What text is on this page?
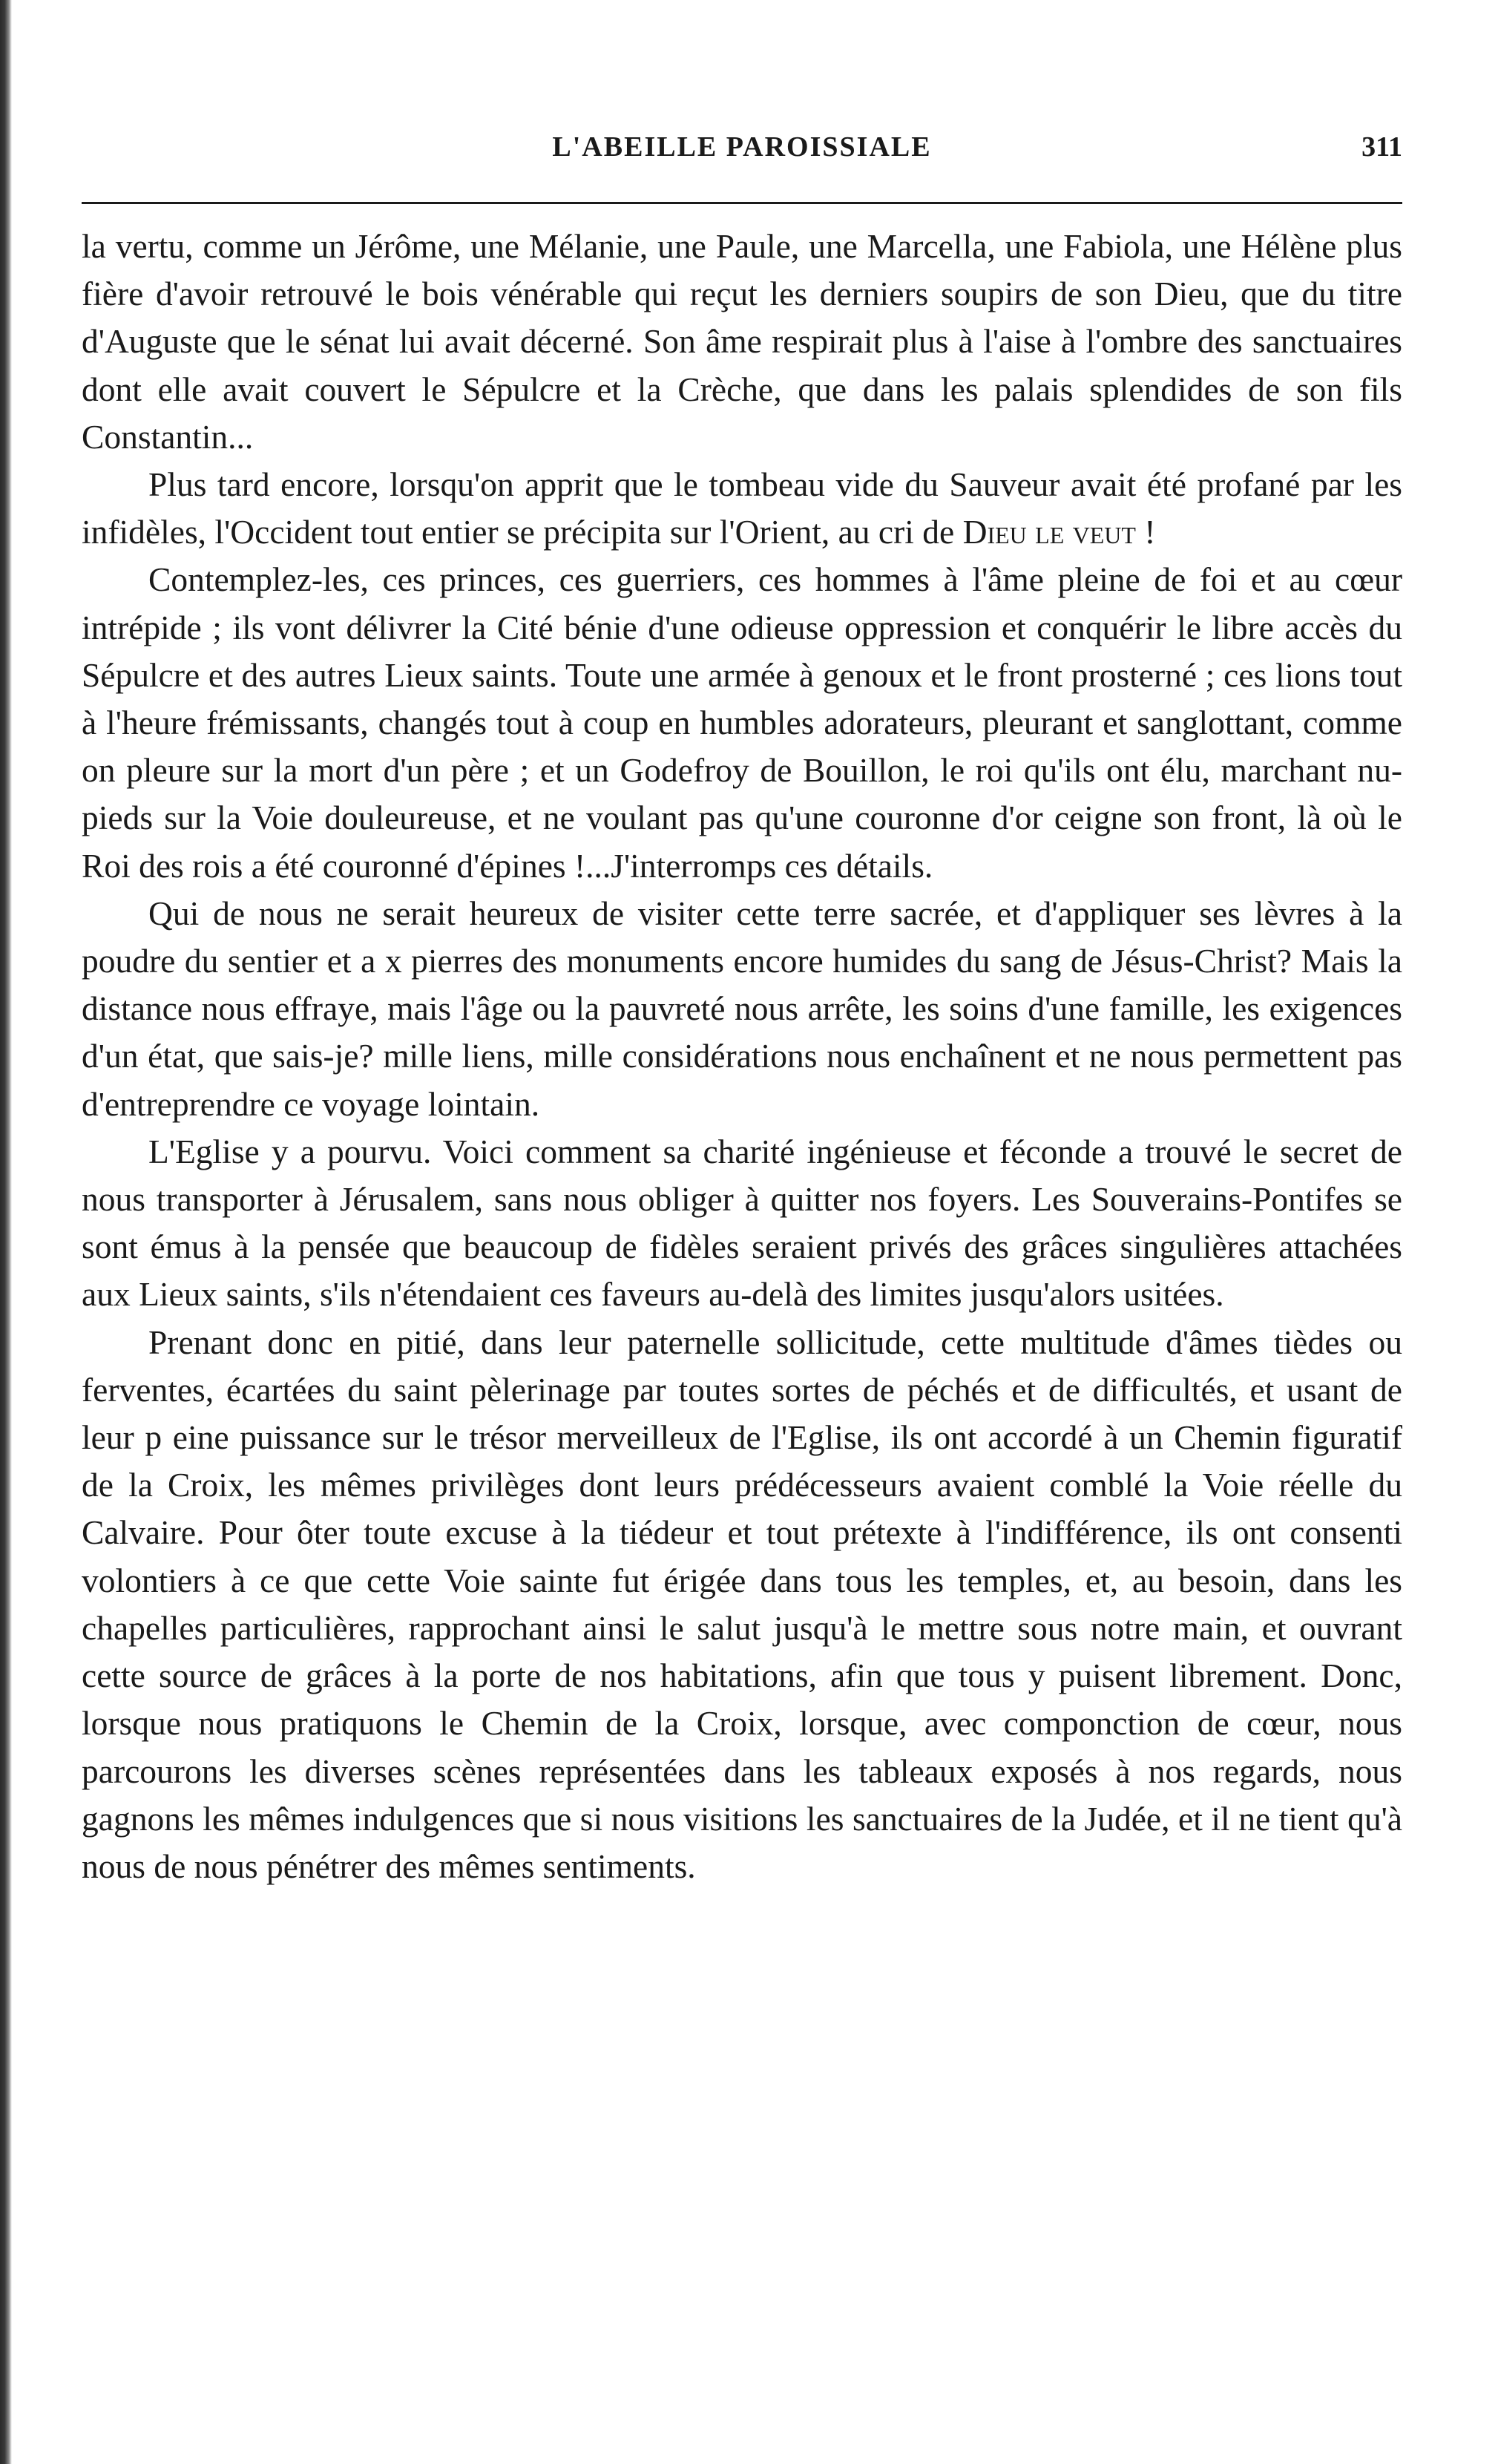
L'ABEILLE PAROISSIALE	311

la vertu, comme un Jérôme, une Mélanie, une Paule, une Marcella, une Fabiola, une Hélène plus fière d'avoir retrouvé le bois vénérable qui reçut les derniers soupirs de son Dieu, que du titre d'Auguste que le sénat lui avait décerné. Son âme respirait plus à l'aise à l'ombre des sanctuaires dont elle avait couvert le Sépulcre et la Crèche, que dans les palais splendides de son fils Constantin...

Plus tard encore, lorsqu'on apprit que le tombeau vide du Sauveur avait été profané par les infidèles, l'Occident tout entier se précipita sur l'Orient, au cri de Dieu le veut !

Contemplez-les, ces princes, ces guerriers, ces hommes à l'âme pleine de foi et au cœur intrépide ; ils vont délivrer la Cité bénie d'une odieuse oppression et conquérir le libre accès du Sépulcre et des autres Lieux saints. Toute une armée à genoux et le front prosterné ; ces lions tout à l'heure frémissants, changés tout à coup en humbles adorateurs, pleurant et sanglottant, comme on pleure sur la mort d'un père ; et un Godefroy de Bouillon, le roi qu'ils ont élu, marchant nu-pieds sur la Voie douleureuse, et ne voulant pas qu'une couronne d'or ceigne son front, là où le Roi des rois a été couronné d'épines !...J'interromps ces détails.

Qui de nous ne serait heureux de visiter cette terre sacrée, et d'appliquer ses lèvres à la poudre du sentier et a x pierres des monuments encore humides du sang de Jésus-Christ? Mais la distance nous effraye, mais l'âge ou la pauvreté nous arrête, les soins d'une famille, les exigences d'un état, que sais-je? mille liens, mille considérations nous enchaînent et ne nous permettent pas d'entreprendre ce voyage lointain.

L'Eglise y a pourvu. Voici comment sa charité ingénieuse et féconde a trouvé le secret de nous transporter à Jérusalem, sans nous obliger à quitter nos foyers. Les Souverains-Pontifes se sont émus à la pensée que beaucoup de fidèles seraient privés des grâces singulières attachées aux Lieux saints, s'ils n'étendaient ces faveurs au-delà des limites jusqu'alors usitées.

Prenant donc en pitié, dans leur paternelle sollicitude, cette multitude d'âmes tièdes ou ferventes, écartées du saint pèlerinage par toutes sortes de péchés et de difficultés, et usant de leur p eine puissance sur le trésor merveilleux de l'Eglise, ils ont accordé à un Chemin figuratif de la Croix, les mêmes privilèges dont leurs prédécesseurs avaient comblé la Voie réelle du Calvaire. Pour ôter toute excuse à la tiédeur et tout prétexte à l'indifférence, ils ont consenti volontiers à ce que cette Voie sainte fut érigée dans tous les temples, et, au besoin, dans les chapelles particulières, rapprochant ainsi le salut jusqu'à le mettre sous notre main, et ouvrant cette source de grâces à la porte de nos habitations, afin que tous y puisent librement. Donc, lorsque nous pratiquons le Chemin de la Croix, lorsque, avec componction de cœur, nous parcourons les diverses scènes représentées dans les tableaux exposés à nos regards, nous gagnons les mêmes indulgences que si nous visitions les sanctuaires de la Judée, et il ne tient qu'à nous de nous pénétrer des mêmes sentiments.
